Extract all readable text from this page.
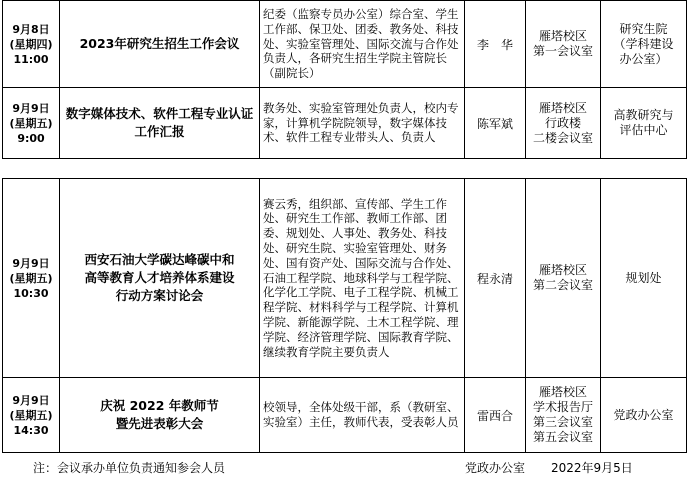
9月8日
(星期四)
11:00	2023年研究生招生工作会议	纪委（监察专员办公室）综合室、学生工作部、保卫处、团委、教务处、科技处、实验室管理处、国际交流与合作处负责人，各研究生招生学院主管院长（副院长）	李　华	雁塔校区
第一会议室	研究生院
（学科建设
办公室）

9月9日
(星期五)
9:00	数字媒体技术、软件工程专业认证
工作汇报	教务处、实验室管理处负责人，校内专家，计算机学院院领导，数字媒体技术、软件工程专业带头人、负责人	陈军斌	雁塔校区
行政楼
二楼会议室	高教研究与
评估中心
9月9日
(星期五)
10:30	西安石油大学碳达峰碳中和
高等教育人才培养体系建设
行动方案讨论会	赛云秀，组织部、宣传部、学生工作处、研究生工作部、教师工作部、团委、规划处、人事处、教务处、科技处、研究生院、实验室管理处、财务处、国有资产处、国际交流与合作处、石油工程学院、地球科学与工程学院、化学化工学院、电子工程学院、机械工程学院、材料科学与工程学院、计算机学院、新能源学院、土木工程学院、理学院、经济管理学院、国际教育学院、继续教育学院主要负责人	程永清	雁塔校区
第二会议室	规划处

9月9日
(星期五)
14:30	庆祝 2022 年教师节
暨先进表彰大会	校领导，全体处级干部，系（教研室、实验室）主任，教师代表，受表彰人员	雷西合	雁塔校区
学术报告厅
第三会议室
第五会议室	党政办公室
注：会议承办单位负责通知参会人员	党政办公室 2022年9月5日
